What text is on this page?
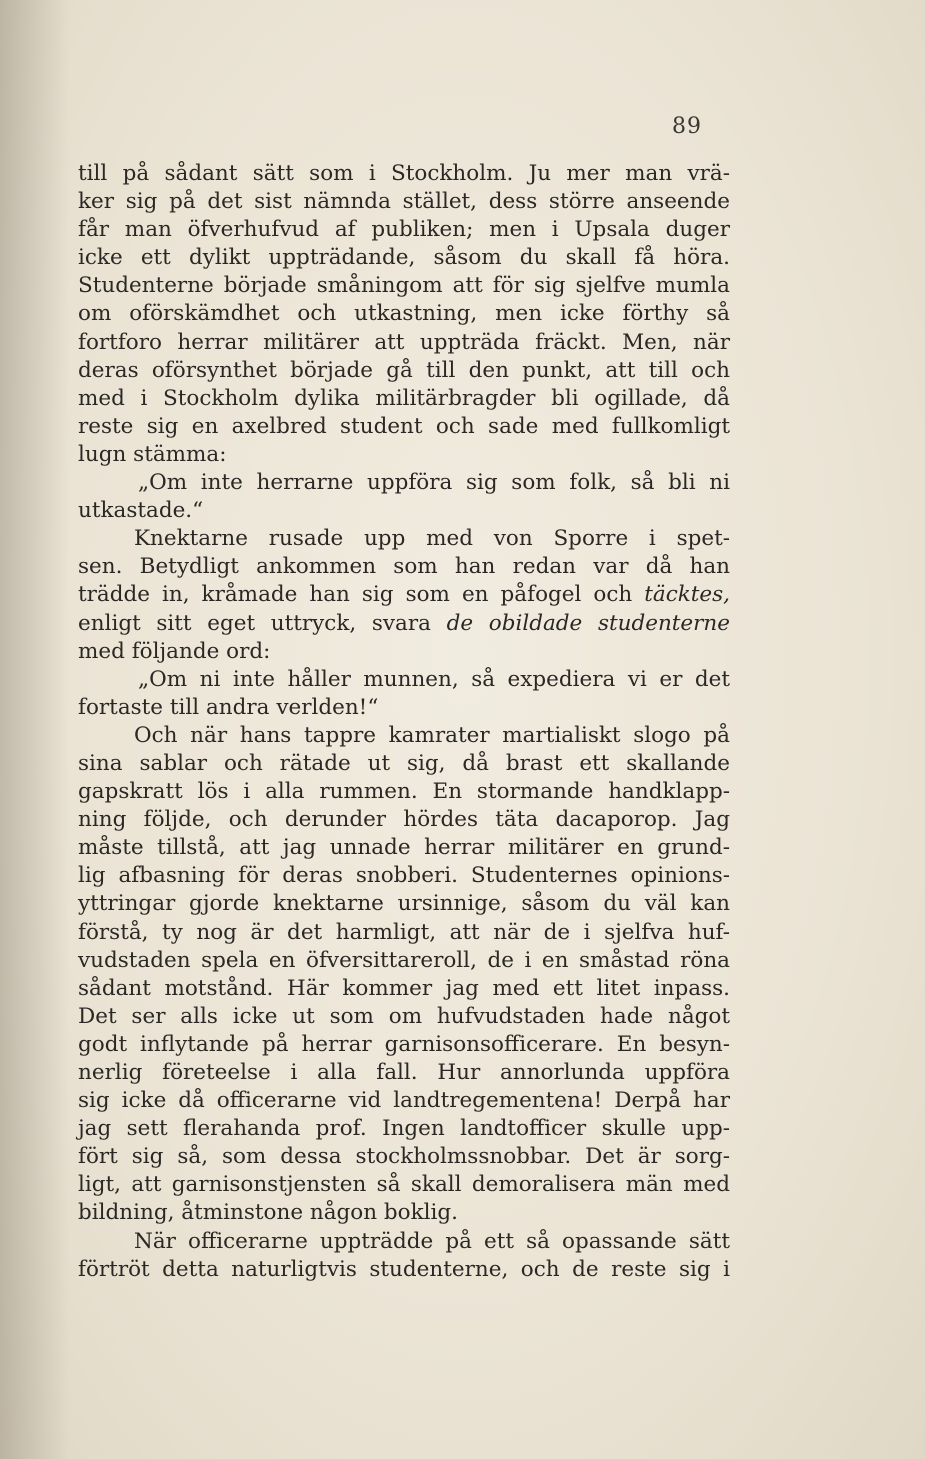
89
till på sådant sätt som i Stockholm. Ju mer man vrä-
ker sig på det sist nämnda stället, dess större anseende
får man öfverhufvud af publiken; men i Upsala duger
icke ett dylikt uppträdande, såsom du skall få höra.
Studenterne började småningom att för sig sjelfve mumla
om oförskämdhet och utkastning, men icke förthy så
fortforo herrar militärer att uppträda fräckt. Men, när
deras oförsynthet började gå till den punkt, att till och
med i Stockholm dylika militärbragder bli ogillade, då
reste sig en axelbred student och sade med fullkomligt
lugn stämma:
„Om inte herrarne uppföra sig som folk, så bli ni
utkastade.“
Knektarne rusade upp med von Sporre i spet-
sen. Betydligt ankommen som han redan var då han
trädde in, kråmade han sig som en påfogel och täcktes,
enligt sitt eget uttryck, svara de obildade studenterne
med följande ord:
„Om ni inte håller munnen, så expediera vi er det
fortaste till andra verlden!“
Och när hans tappre kamrater martialiskt slogo på
sina sablar och rätade ut sig, då brast ett skallande
gapskratt lös i alla rummen. En stormande handklapp-
ning följde, och derunder hördes täta dacaporop. Jag
måste tillstå, att jag unnade herrar militärer en grund-
lig afbasning för deras snobberi. Studenternes opinions-
yttringar gjorde knektarne ursinnige, såsom du väl kan
förstå, ty nog är det harmligt, att när de i sjelfva huf-
vudstaden spela en öfversittareroll, de i en småstad röna
sådant motstånd. Här kommer jag med ett litet inpass.
Det ser alls icke ut som om hufvudstaden hade något
godt inflytande på herrar garnisonsofficerare. En besyn-
nerlig företeelse i alla fall. Hur annorlunda uppföra
sig icke då officerarne vid landtregementena! Derpå har
jag sett flerahanda prof. Ingen landtofficer skulle upp-
fört sig så, som dessa stockholmssnobbar. Det är sorg-
ligt, att garnisonstjensten så skall demoralisera män med
bildning, åtminstone någon boklig.
När officerarne uppträdde på ett så opassande sätt
förtröt detta naturligtvis studenterne, och de reste sig i
